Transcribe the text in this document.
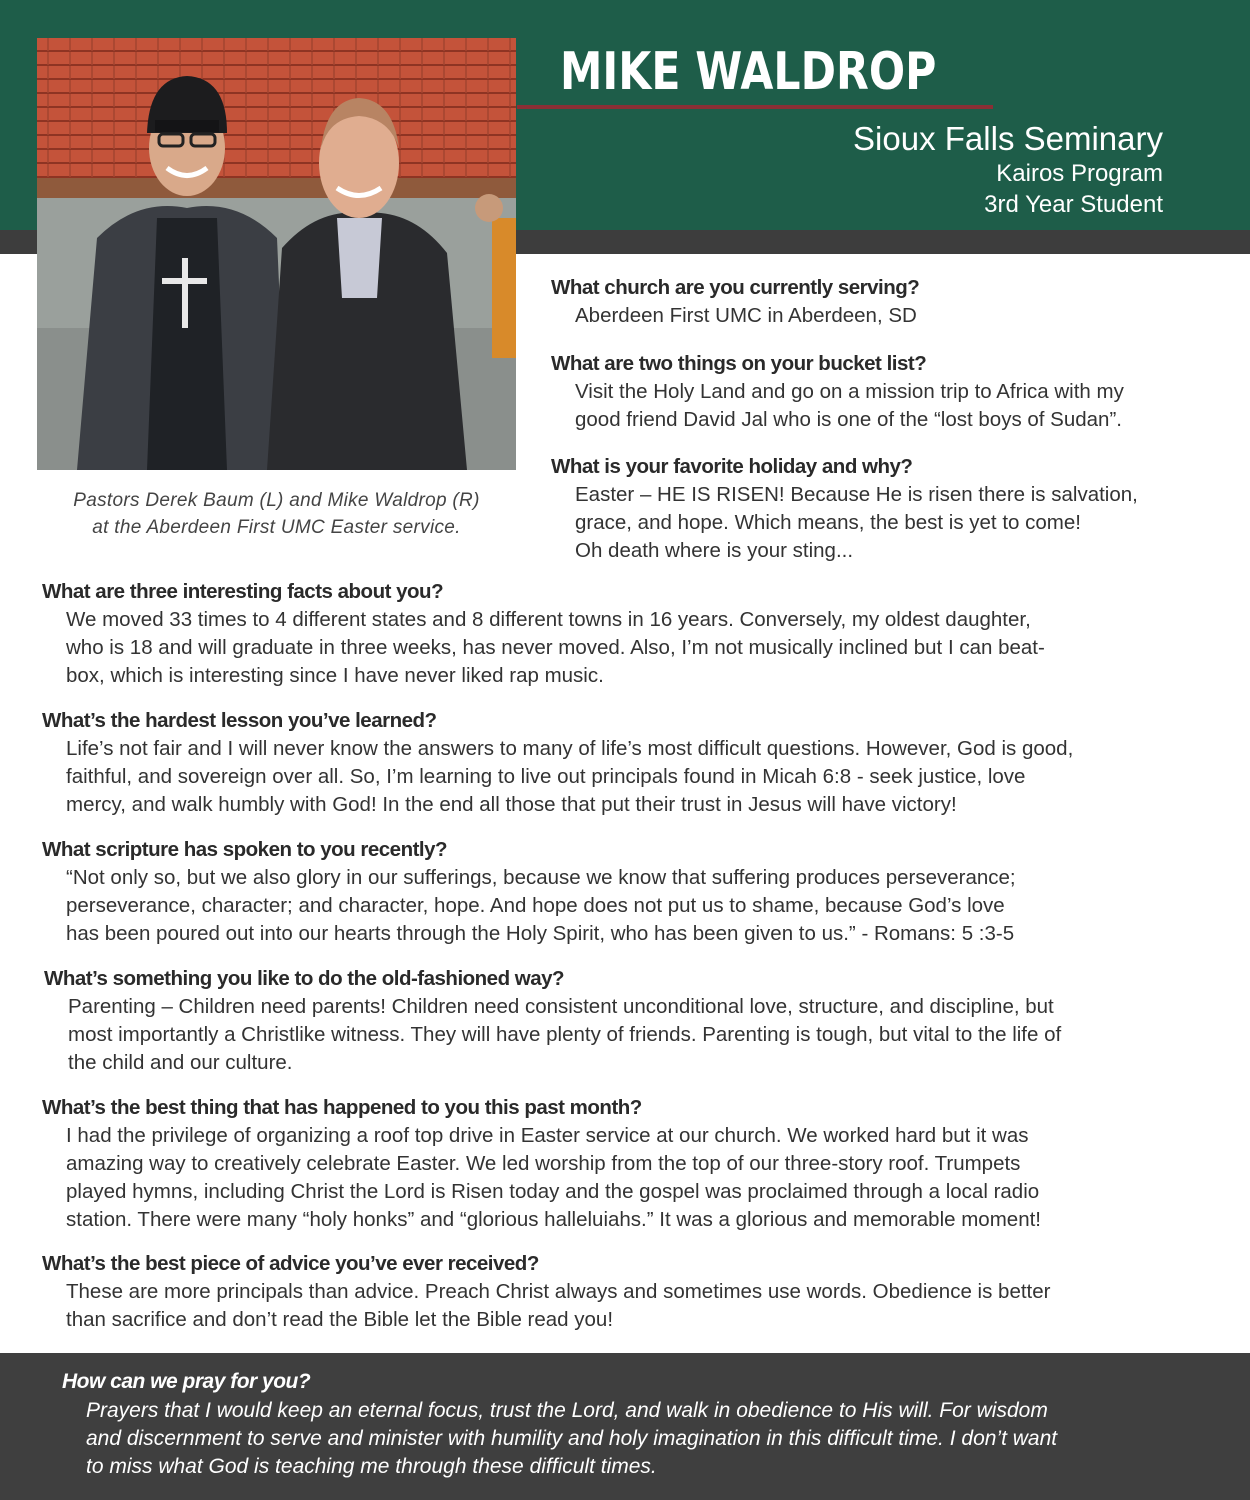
MIKE WALDROP
Sioux Falls Seminary
Kairos Program
3rd Year Student
Pastors Derek Baum (L) and Mike Waldrop (R)
at the Aberdeen First UMC Easter service.
What church are you currently serving?
Aberdeen First UMC in Aberdeen, SD
What are two things on your bucket list?
Visit the Holy Land and go on a mission trip to Africa with my
good friend David Jal who is one of the “lost boys of Sudan”.
What is your favorite holiday and why?
Easter – HE IS RISEN! Because He is risen there is salvation,
grace, and hope. Which means, the best is yet to come!
Oh death where is your sting...
What are three interesting facts about you?
We moved 33 times to 4 different states and 8 different towns in 16 years. Conversely, my oldest daughter,
who is 18 and will graduate in three weeks, has never moved. Also, I’m not musically inclined but I can beat-
box, which is interesting since I have never liked rap music.
What’s the hardest lesson you’ve learned?
Life’s not fair and I will never know the answers to many of life’s most difficult questions. However, God is good,
faithful, and sovereign over all. So, I’m learning to live out principals found in Micah 6:8 - seek justice, love
mercy, and walk humbly with God! In the end all those that put their trust in Jesus will have victory!
What scripture has spoken to you recently?
“Not only so, but we also glory in our sufferings, because we know that suffering produces perseverance;
perseverance, character; and character, hope. And hope does not put us to shame, because God’s love
has been poured out into our hearts through the Holy Spirit, who has been given to us.” - Romans: 5 :3-5
What’s something you like to do the old-fashioned way?
Parenting – Children need parents! Children need consistent unconditional love, structure, and discipline, but
most importantly a Christlike witness. They will have plenty of friends. Parenting is tough, but vital to the life of
the child and our culture.
What’s the best thing that has happened to you this past month?
I had the privilege of organizing a roof top drive in Easter service at our church. We worked hard but it was
amazing way to creatively celebrate Easter. We led worship from the top of our three-story roof. Trumpets
played hymns, including Christ the Lord is Risen today and the gospel was proclaimed through a local radio
station. There were many “holy honks” and “glorious halleluiahs.” It was a glorious and memorable moment!
What’s the best piece of advice you’ve ever received?
These are more principals than advice. Preach Christ always and sometimes use words. Obedience is better
than sacrifice and don’t read the Bible let the Bible read you!
How can we pray for you?
Prayers that I would keep an eternal focus, trust the Lord, and walk in obedience to His will. For wisdom
and discernment to serve and minister with humility and holy imagination in this difficult time. I don’t want
to miss what God is teaching me through these difficult times.
